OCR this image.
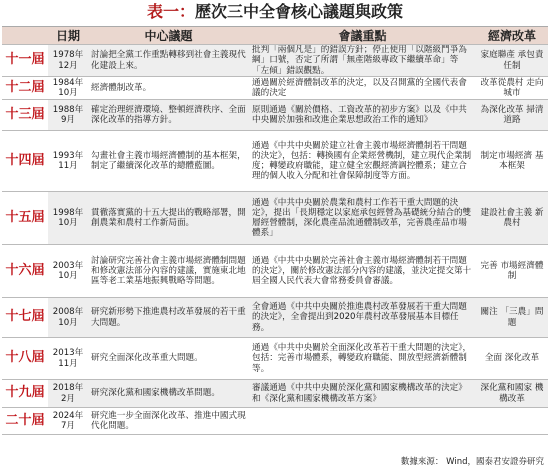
表一：歷次三中全會核心議題與政策
	日期	中心議題	會議重點	經濟改革
十一屆	1978年 12月	討論把全黨工作重點轉移到社會主義現代化建設上來。	批判「兩個凡是」的錯誤方針；停止使用「以階級鬥爭為綱」口號，否定了所謂「無產階級專政下繼續革命」等「左傾」錯誤觀點。	家庭聯產 承包責任制
十二屆	1984年 10月	經濟體制改革。	通過關於經濟體制改革的決定，以及召開黨的全國代表會議的決定	改革從農村 走向城市
十三屆	1988年 9月	確定治理經濟環境、整頓經濟秩序、全面深化改革的指導方針。	原則通過《關於價格、工資改革的初步方案》以及《中共中央關於加強和改進企業思想政治工作的通知》	為深化改革 掃清道路
十四屆	1993年 11月	勾畫社會主義市場經濟體制的基本框架，制定了繼續深化改革的總體藍圖。	通過《中共中央關於建立社會主義市場經濟體制若干問題的決定》，包括：轉換國有企業經營機制，建立現代企業制度；轉變政府職能，建立健全宏觀經濟調控體系；建立合理的個人收入分配和社會保障制度等方面。	制定市場經濟 基本框架
十五屆	1998年 10月	貫徹落實黨的十五大提出的戰略部署，開創農業和農村工作新局面。	通過《中共中央關於農業和農村工作若干重大問題的決定》，提出「長期穩定以家庭承包經營為基礎統分結合的雙層經營體制，深化農產品流通體制改革，完善農產品市場體系」	建設社會主義 新農村
十六屆	2003年 10月	討論研究完善社會主義市場經濟體制問題和修改憲法部分內容的建議，實施東北地區等老工業基地振興戰略等問題。	通過《中共中央關於完善社會主義市場經濟體制若干問題的決定》，關於修改憲法部分內容的建議，並決定提交第十屆全國人民代表大會常務委員會審議。	完善 市場經濟體制
十七屆	2008年 10月	研究新形勢下推進農村改革發展的若干重大問題。	全會通過《中共中央關於推進農村改革發展若干重大問題的決定》，全會提出到2020年農村改革發展基本目標任務。	關注 「三農」問題
十八屆	2013年 11月	研究全面深化改革重大問題。	通過《中共中央關於全面深化改革若干重大問題的決定》，包括：完善市場體系，轉變政府職能、開放型經濟新體制等。	全面 深化改革
十九屆	2018年 2月	研究深化黨和國家機構改革問題。	審議通過《中共中央關於深化黨和國家機構改革的決定》和《深化黨和國家機構改革方案》	深化黨和國家 機構改革
二十屆	2024年 7月	研究進一步全面深化改革、推進中國式現代化問題。		
數據來源： Wind，國泰君安證券研究
